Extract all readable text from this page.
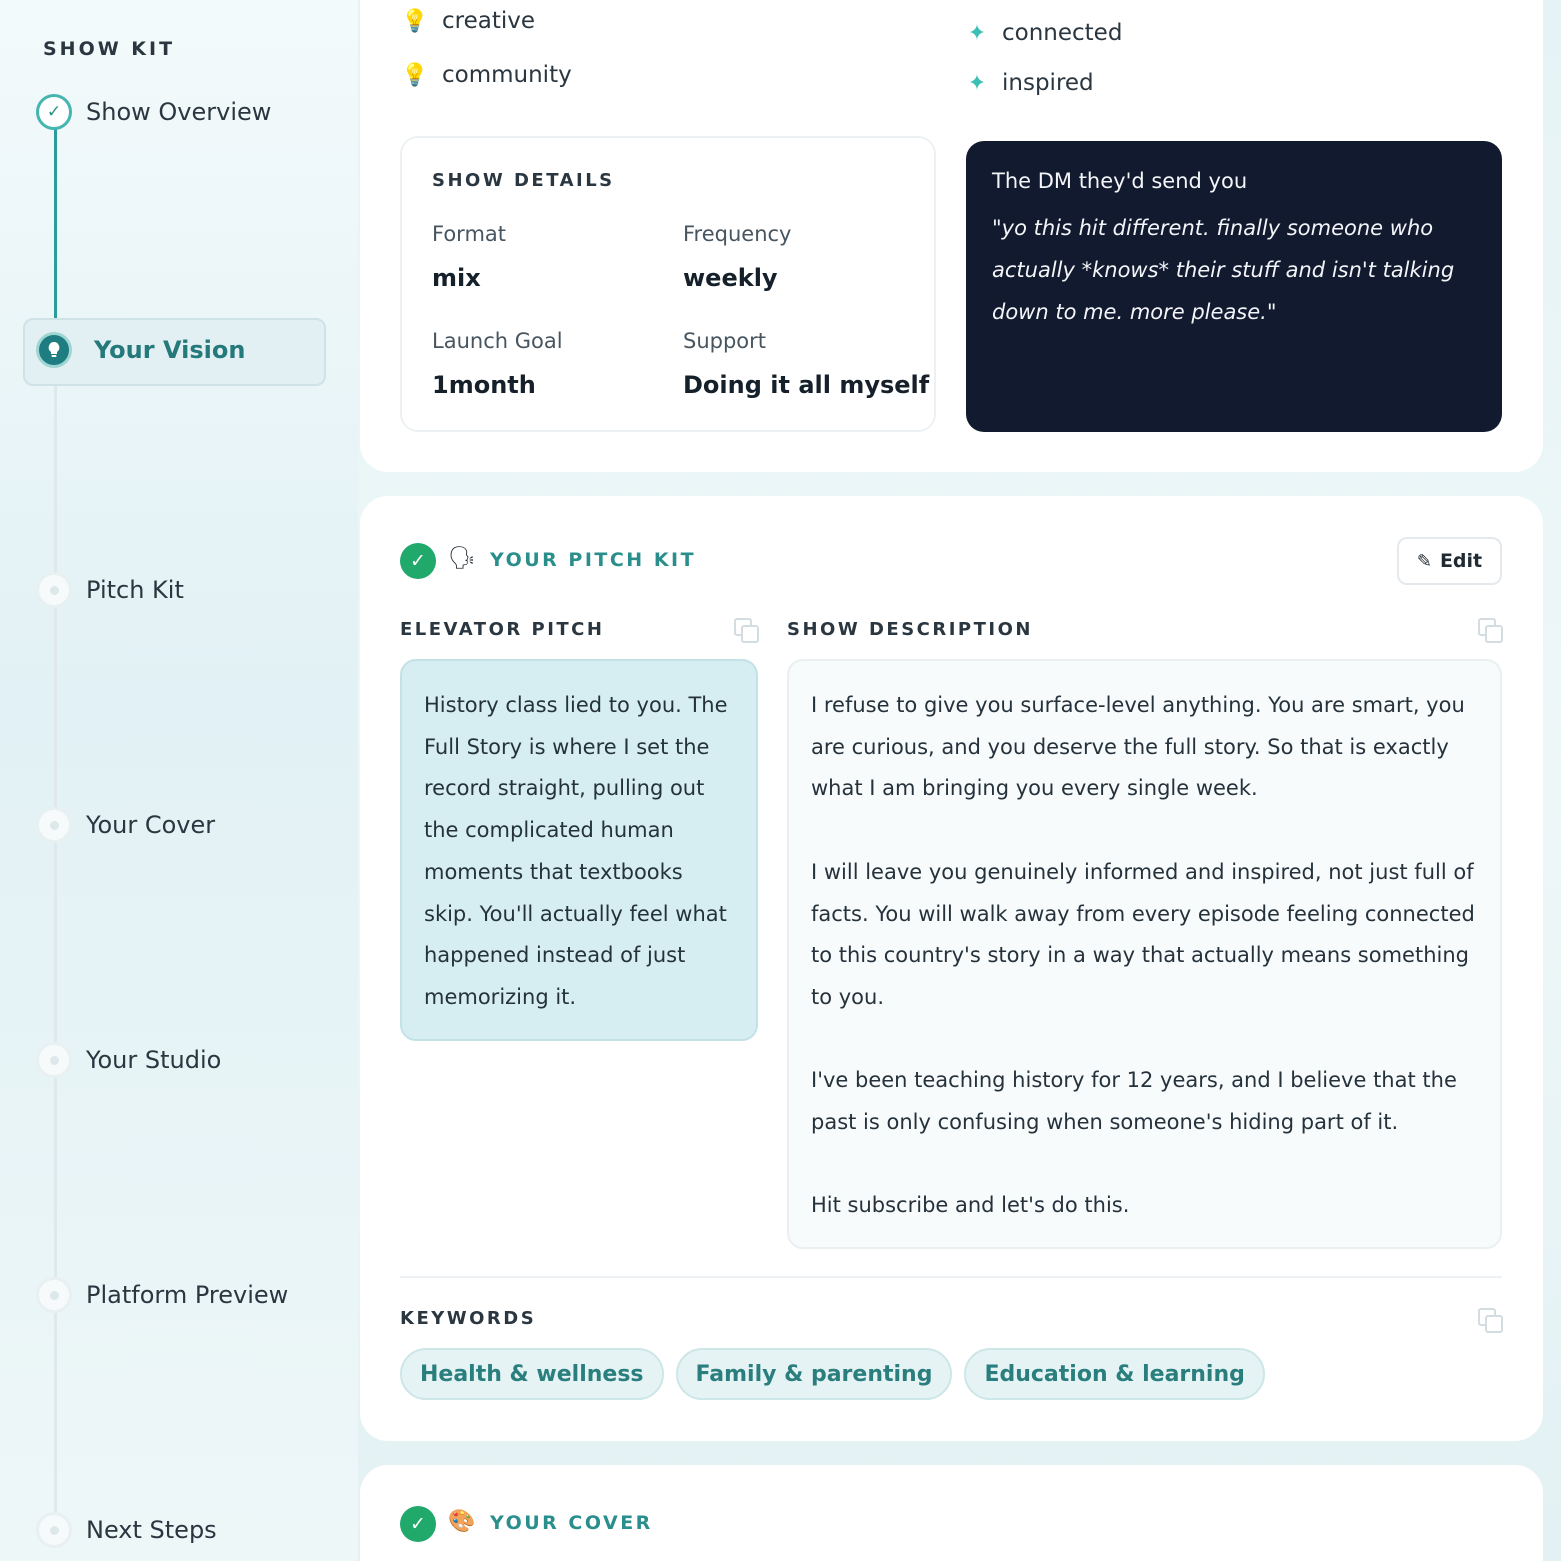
SHOW KIT
✓	Show Overview
Your Vision
Pitch Kit
Your Cover
Your Studio
Platform Preview
Next Steps
💡 creative
💡 community
✦ connected
✦ inspired
SHOW DETAILS
Format
mix
Frequency
weekly
Launch Goal
1month
Support
Doing it all myself
The DM they'd send you
"yo this hit different. finally someone who actually *knows* their stuff and isn't talking down to me. more please."
✓	🗣 YOUR PITCH KIT	✎ Edit
ELEVATOR PITCH	SHOW DESCRIPTION
History class lied to you. The Full Story is where I set the record straight, pulling out the complicated human moments that textbooks skip. You'll actually feel what happened instead of just memorizing it.

I refuse to give you surface-level anything. You are smart, you are curious, and you deserve the full story. So that is exactly what I am bringing you every single week.

I will leave you genuinely informed and inspired, not just full of facts. You will walk away from every episode feeling connected to this country's story in a way that actually means something to you.

I've been teaching history for 12 years, and I believe that the past is only confusing when someone's hiding part of it.

Hit subscribe and let's do this.

KEYWORDS
Health & wellness	Family & parenting	Education & learning
✓	🎨 YOUR COVER
